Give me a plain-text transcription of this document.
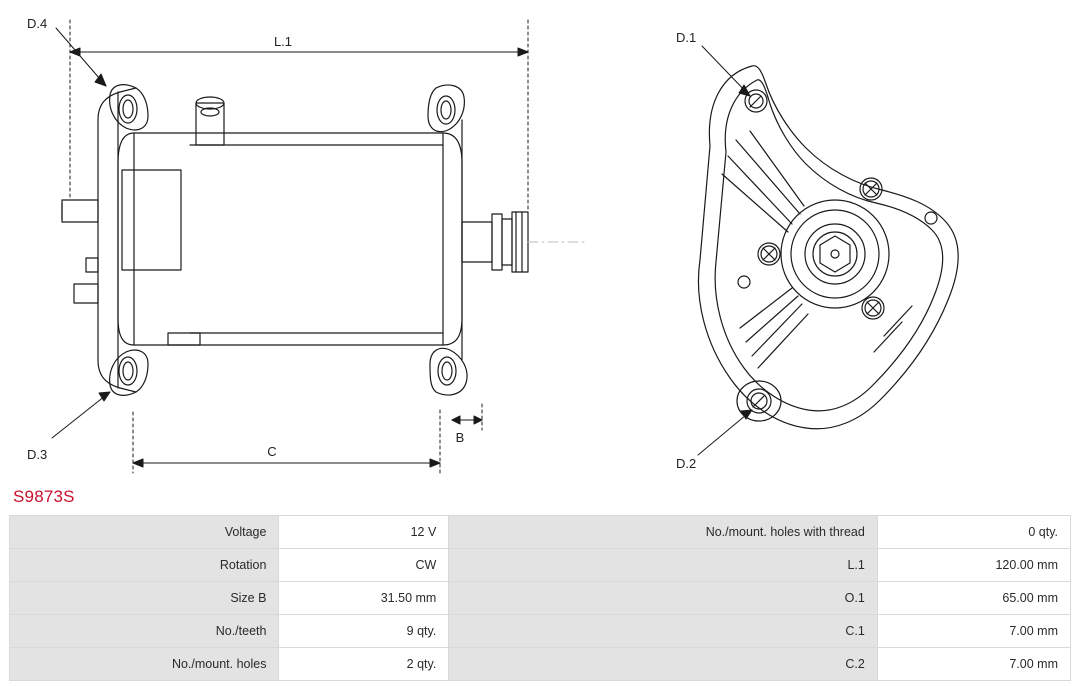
L.1
C
B
D.4
D.3
D.1
D.2
S9873S
Voltage	12 V	No./mount. holes with thread	0 qty.
Rotation	CW	L.1	120.00 mm
Size B	31.50 mm	O.1	65.00 mm
No./teeth	9 qty.	C.1	7.00 mm
No./mount. holes	2 qty.	C.2	7.00 mm
